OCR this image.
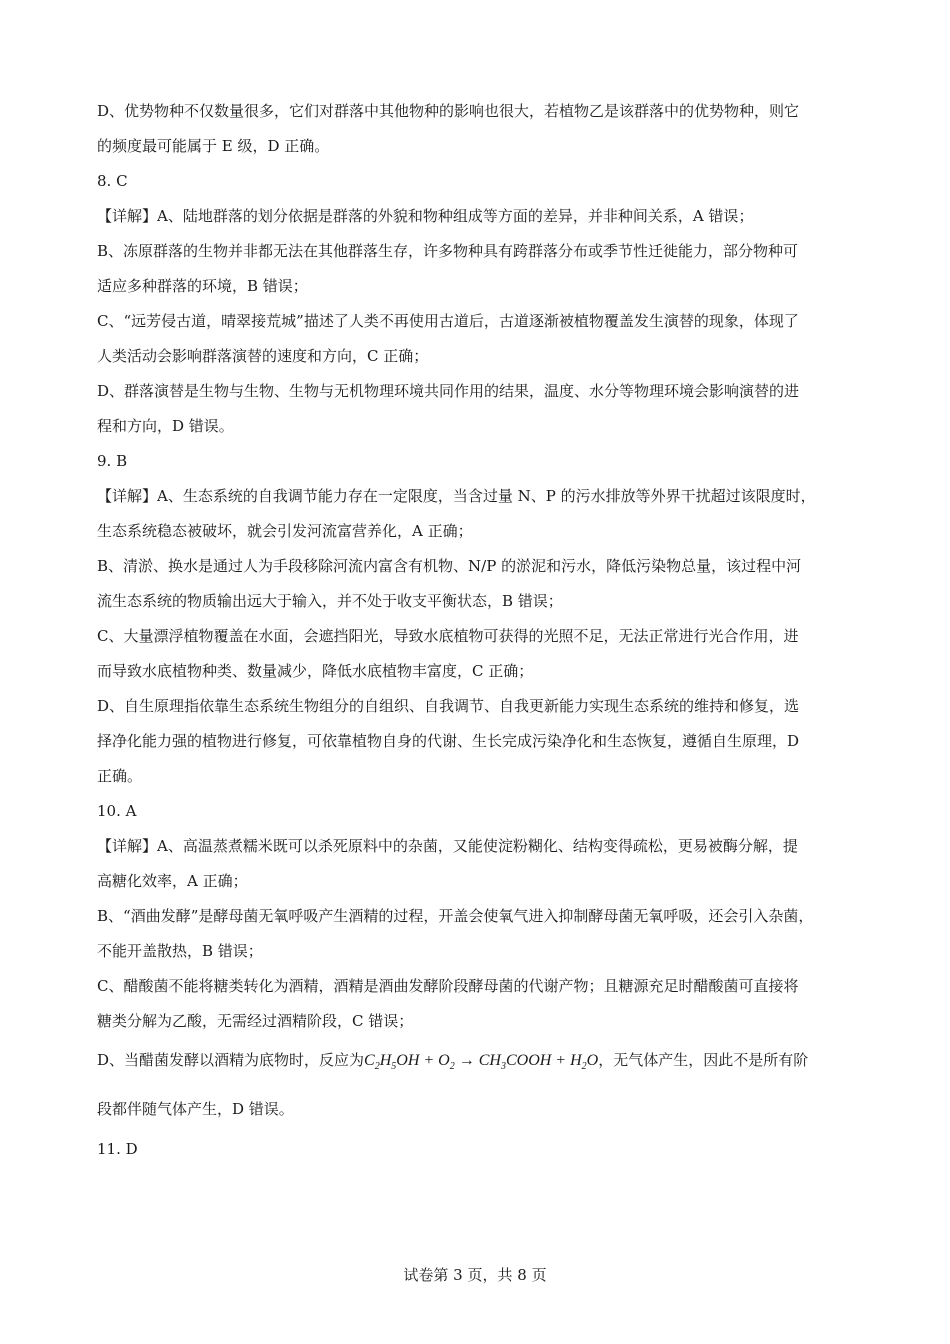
D、优势物种不仅数量很多，它们对群落中其他物种的影响也很大，若植物乙是该群落中的优势物种，则它

的频度最可能属于 E 级，D 正确。

8. C

【详解】A、陆地群落的划分依据是群落的外貌和物种组成等方面的差异，并非种间关系，A 错误；

B、冻原群落的生物并非都无法在其他群落生存，许多物种具有跨群落分布或季节性迁徙能力，部分物种可

适应多种群落的环境，B 错误；

C、“远芳侵古道，晴翠接荒城”描述了人类不再使用古道后，古道逐渐被植物覆盖发生演替的现象，体现了

人类活动会影响群落演替的速度和方向，C 正确；

D、群落演替是生物与生物、生物与无机物理环境共同作用的结果，温度、水分等物理环境会影响演替的进

程和方向，D 错误。

9. B

【详解】A、生态系统的自我调节能力存在一定限度，当含过量 N、P 的污水排放等外界干扰超过该限度时，

生态系统稳态被破坏，就会引发河流富营养化，A 正确；

B、清淤、换水是通过人为手段移除河流内富含有机物、N/P 的淤泥和污水，降低污染物总量，该过程中河

流生态系统的物质输出远大于输入，并不处于收支平衡状态，B 错误；

C、大量漂浮植物覆盖在水面，会遮挡阳光，导致水底植物可获得的光照不足，无法正常进行光合作用，进

而导致水底植物种类、数量减少，降低水底植物丰富度，C 正确；

D、自生原理指依靠生态系统生物组分的自组织、自我调节、自我更新能力实现生态系统的维持和修复，选

择净化能力强的植物进行修复，可依靠植物自身的代谢、生长完成污染净化和生态恢复，遵循自生原理，D

正确。

10. A

【详解】A、高温蒸煮糯米既可以杀死原料中的杂菌，又能使淀粉糊化、结构变得疏松，更易被酶分解，提

高糖化效率，A 正确；

B、“酒曲发酵”是酵母菌无氧呼吸产生酒精的过程，开盖会使氧气进入抑制酵母菌无氧呼吸，还会引入杂菌，

不能开盖散热，B 错误；

C、醋酸菌不能将糖类转化为酒精，酒精是酒曲发酵阶段酵母菌的代谢产物；且糖源充足时醋酸菌可直接将

糖类分解为乙酸，无需经过酒精阶段，C 错误；

D、当醋菌发酵以酒精为底物时，反应为$C_2H_5OH + O_2$ → $CH_3COOH + H_2O$，无气体产生，因此不是所有阶

段都伴随气体产生，D 错误。

11. D

试卷第 3 页，共 8 页
